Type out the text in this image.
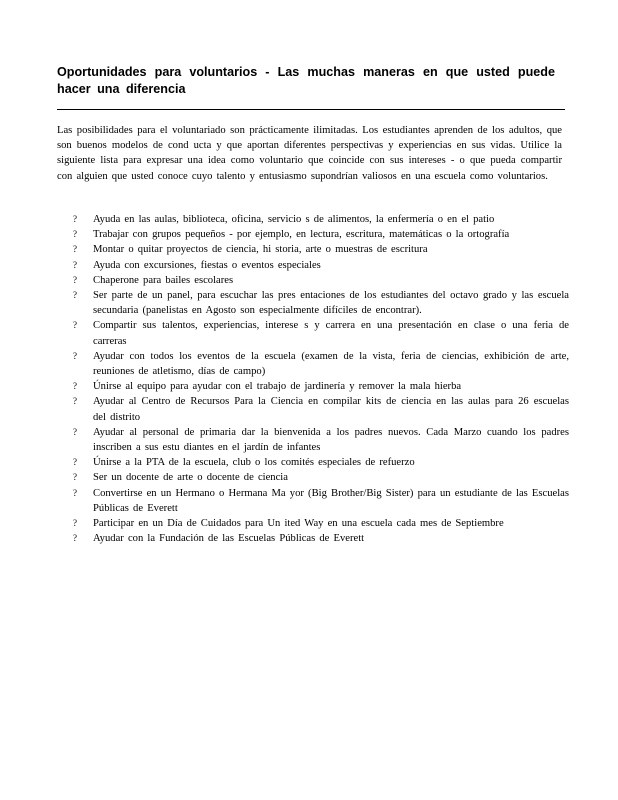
Oportunidades para voluntarios - Las muchas maneras en que usted puede hacer una diferencia
Las posibilidades para el voluntariado son prácticamente ilimitadas. Los estudiantes aprenden de los adultos, que son buenos modelos de cond ucta y que aportan diferentes perspectivas y experiencias en sus vidas. Utilice la siguiente lista para expresar una idea como voluntario que coincide con sus intereses - o que pueda compartir con alguien que usted conoce cuyo talento y entusiasmo supondrían valiosos en una escuela como voluntarios.
?	Ayuda en las aulas, biblioteca, oficina, servicio s de alimentos, la enfermería o en el patio
?	Trabajar con grupos pequeños - por ejemplo, en lectura, escritura, matemáticas o la ortografía
?	Montar o quitar proyectos de ciencia, hi storia, arte o muestras de escritura
?	Ayuda con excursiones, fiestas o eventos especiales
?	Chaperone para bailes escolares
?	Ser parte de un panel, para escuchar las pres entaciones de los estudiantes del octavo grado y las escuela secundaria (panelistas en Agosto son especialmente difíciles de encontrar).
?	Compartir sus talentos, experiencias, interese s y carrera en una presentación en clase o una feria de carreras
?	Ayudar con todos los eventos de la escuela (examen de la vista, feria de ciencias, exhibición de arte, reuniones de atletismo, días de campo)
?	Únirse al equipo para ayudar con el trabajo de jardinería y remover la mala hierba
?	Ayudar al Centro de Recursos Para la Ciencia en compilar kits de ciencia en las aulas para 26 escuelas del distrito
?	Ayudar al personal de primaria dar la bienvenida a los padres nuevos. Cada Marzo cuando los padres inscriben a sus estu diantes en el jardín de infantes
?	Únirse a la PTA de la escuela, club o los comités especiales de refuerzo
?	Ser un docente de arte o docente de ciencia
?	Convertirse en un Hermano o Hermana Ma yor (Big Brother/Big Sister) para un estudiante de las Escuelas Públicas de Everett
?	Participar en un Día de Cuidados para Un ited Way en una escuela cada mes de Septiembre
?	Ayudar con la Fundación de las Escuelas Públicas de Everett
